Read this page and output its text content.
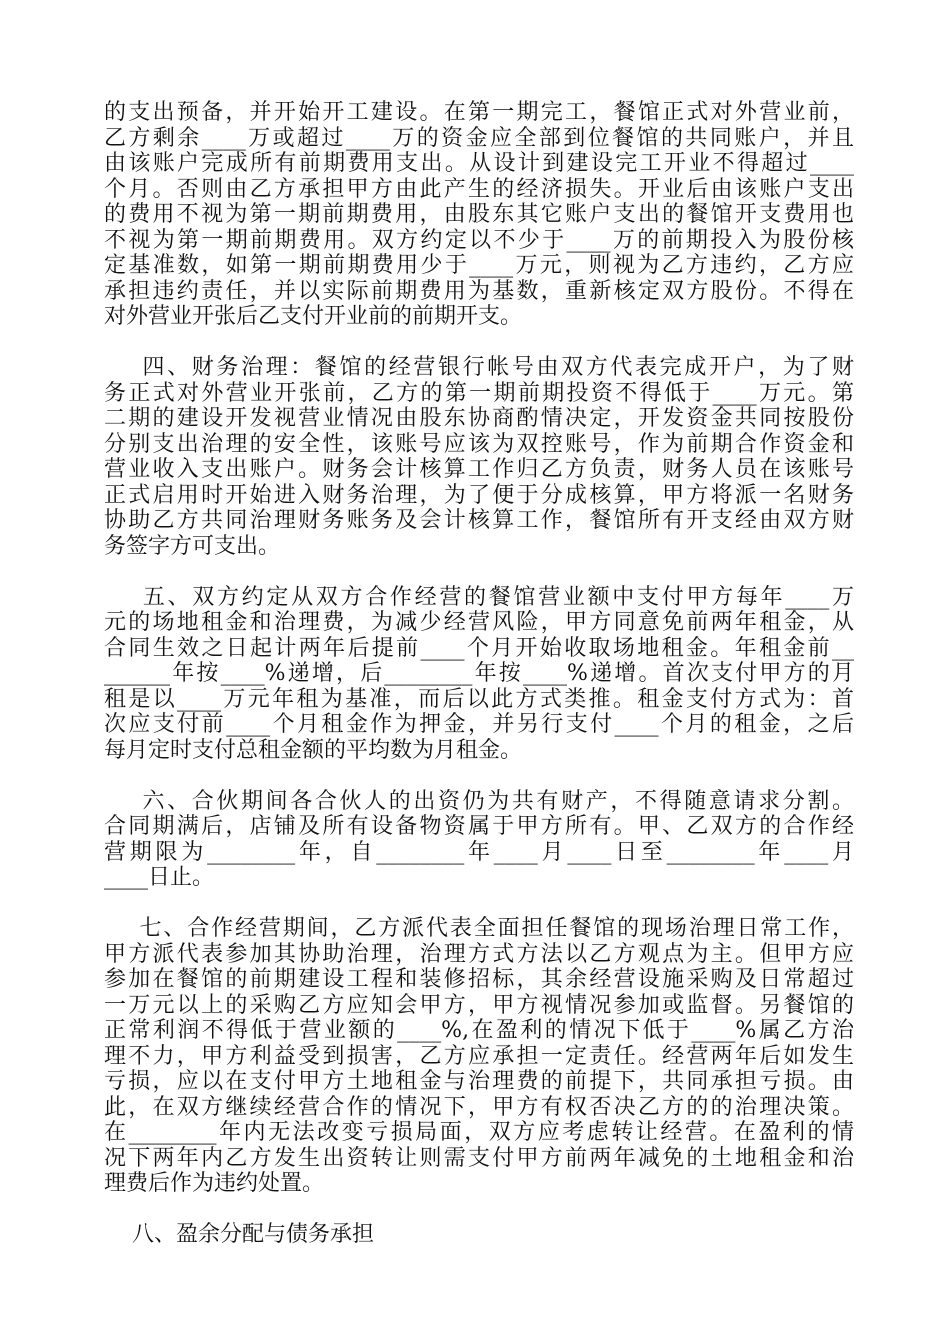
的支出预备，并开始开工建设。在第一期完工，餐馆正式对外营业前，
乙方剩余____万或超过____万的资金应全部到位餐馆的共同账户，并且
由该账户完成所有前期费用支出。从设计到建设完工开业不得超过____
个月。否则由乙方承担甲方由此产生的经济损失。开业后由该账户支出
的费用不视为第一期前期费用，由股东其它账户支出的餐馆开支费用也
不视为第一期前期费用。双方约定以不少于____万的前期投入为股份核
定基准数，如第一期前期费用少于____万元，则视为乙方违约，乙方应
承担违约责任，并以实际前期费用为基数，重新核定双方股份。不得在
对外营业开张后乙支付开业前的前期开支。
四、财务治理：餐馆的经营银行帐号由双方代表完成开户，为了财
务正式对外营业开张前，乙方的第一期前期投资不得低于____万元。第
二期的建设开发视营业情况由股东协商酌情决定，开发资金共同按股份
分别支出治理的安全性，该账号应该为双控账号，作为前期合作资金和
营业收入支出账户。财务会计核算工作归乙方负责，财务人员在该账号
正式启用时开始进入财务治理，为了便于分成核算，甲方将派一名财务
协助乙方共同治理财务账务及会计核算工作，餐馆所有开支经由双方财
务签字方可支出。
五、双方约定从双方合作经营的餐馆营业额中支付甲方每年____万
元的场地租金和治理费，为减少经营风险，甲方同意免前两年租金，从
合同生效之日起计两年后提前____个月开始收取场地租金。年租金前__
______年按____%递增，后________年按____%递增。首次支付甲方的月
租是以____万元年租为基准，而后以此方式类推。租金支付方式为：首
次应支付前____个月租金作为押金，并另行支付____个月的租金，之后
每月定时支付总租金额的平均数为月租金。
六、合伙期间各合伙人的出资仍为共有财产，不得随意请求分割。
合同期满后，店铺及所有设备物资属于甲方所有。甲、乙双方的合作经
营期限为________年，自________年____月____日至________年____月
____日止。
七、合作经营期间，乙方派代表全面担任餐馆的现场治理日常工作，
甲方派代表参加其协助治理，治理方式方法以乙方观点为主。但甲方应
参加在餐馆的前期建设工程和装修招标，其余经营设施采购及日常超过
一万元以上的采购乙方应知会甲方，甲方视情况参加或监督。另餐馆的
正常利润不得低于营业额的____%,在盈利的情况下低于____%属乙方治
理不力，甲方利益受到损害，乙方应承担一定责任。经营两年后如发生
亏损，应以在支付甲方土地租金与治理费的前提下，共同承担亏损。由
此，在双方继续经营合作的情况下，甲方有权否决乙方的的治理决策。
在________年内无法改变亏损局面，双方应考虑转让经营。在盈利的情
况下两年内乙方发生出资转让则需支付甲方前两年减免的土地租金和治
理费后作为违约处置。
八、盈余分配与债务承担
